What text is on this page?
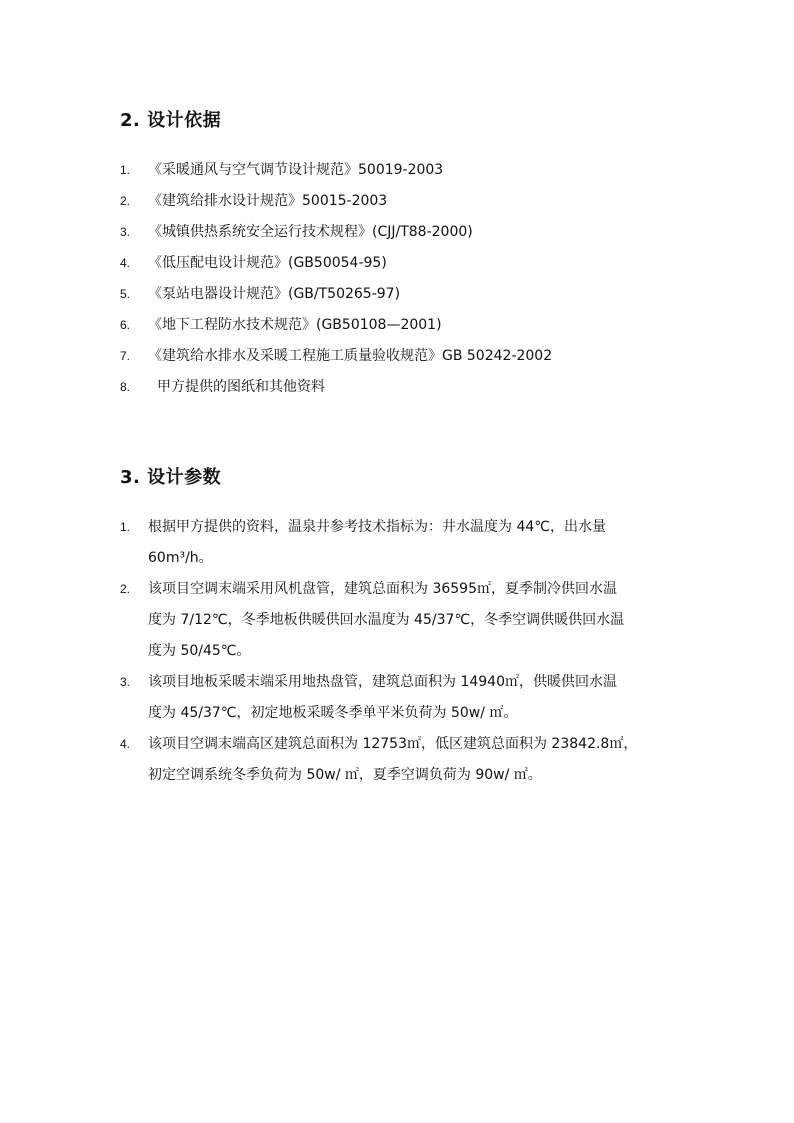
2. 设计依据
1. 《采暖通风与空气调节设计规范》50019-2003
2. 《建筑给排水设计规范》50015-2003
3. 《城镇供热系统安全运行技术规程》(CJJ/T88-2000)
4. 《低压配电设计规范》(GB50054-95)
5. 《泵站电器设计规范》(GB/T50265-97)
6. 《地下工程防水技术规范》(GB50108—2001)
7. 《建筑给水排水及采暖工程施工质量验收规范》GB 50242-2002
8. 甲方提供的图纸和其他资料
3. 设计参数
1. 根据甲方提供的资料，温泉井参考技术指标为：井水温度为 44℃，出水量
60m³/h。
2. 该项目空调末端采用风机盘管，建筑总面积为 36595㎡，夏季制冷供回水温
度为 7/12℃，冬季地板供暖供回水温度为 45/37℃，冬季空调供暖供回水温
度为 50/45℃。
3. 该项目地板采暖末端采用地热盘管，建筑总面积为 14940㎡，供暖供回水温
度为 45/37℃，初定地板采暖冬季单平米负荷为 50w/ ㎡。
4. 该项目空调末端高区建筑总面积为 12753㎡，低区建筑总面积为 23842.8㎡，
初定空调系统冬季负荷为 50w/ ㎡，夏季空调负荷为 90w/ ㎡。
